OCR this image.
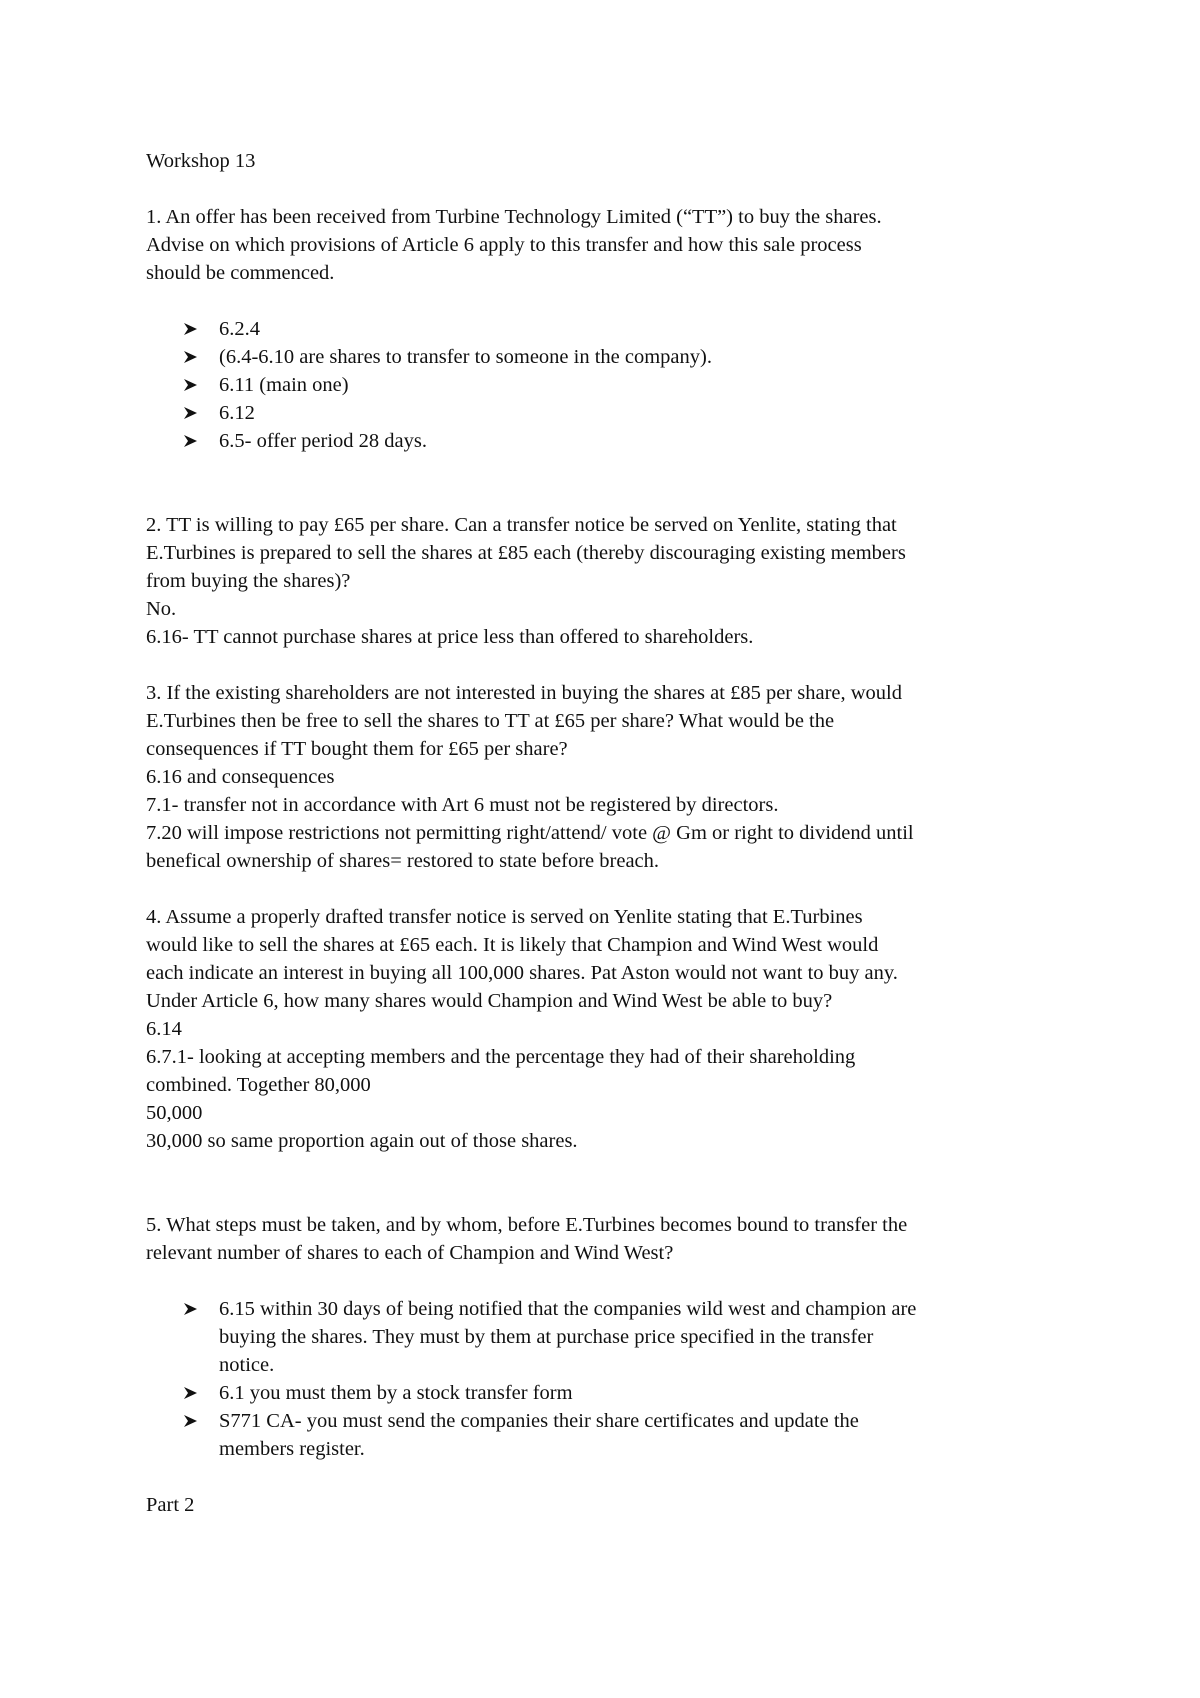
Workshop 13
1. An offer has been received from Turbine Technology Limited (“TT”) to buy the shares.
Advise on which provisions of Article 6 apply to this transfer and how this sale process
should be commenced.
6.2.4
(6.4-6.10 are shares to transfer to someone in the company).
6.11 (main one)
6.12
6.5- offer period 28 days.
2. TT is willing to pay £65 per share. Can a transfer notice be served on Yenlite, stating that
E.Turbines is prepared to sell the shares at £85 each (thereby discouraging existing members
from buying the shares)?
No.
6.16- TT cannot purchase shares at price less than offered to shareholders.
3. If the existing shareholders are not interested in buying the shares at £85 per share, would
E.Turbines then be free to sell the shares to TT at £65 per share? What would be the
consequences if TT bought them for £65 per share?
6.16 and consequences
7.1- transfer not in accordance with Art 6 must not be registered by directors.
7.20 will impose restrictions not permitting right/attend/ vote @ Gm or right to dividend until
benefical ownership of shares= restored to state before breach.
4. Assume a properly drafted transfer notice is served on Yenlite stating that E.Turbines
would like to sell the shares at £65 each. It is likely that Champion and Wind West would
each indicate an interest in buying all 100,000 shares. Pat Aston would not want to buy any.
Under Article 6, how many shares would Champion and Wind West be able to buy?
6.14
6.7.1- looking at accepting members and the percentage they had of their shareholding
combined. Together 80,000
50,000
30,000 so same proportion again out of those shares.
5. What steps must be taken, and by whom, before E.Turbines becomes bound to transfer the
relevant number of shares to each of Champion and Wind West?
6.15 within 30 days of being notified that the companies wild west and champion are
buying the shares. They must by them at purchase price specified in the transfer
notice.
6.1 you must them by a stock transfer form
S771 CA- you must send the companies their share certificates and update the
members register.
Part 2
